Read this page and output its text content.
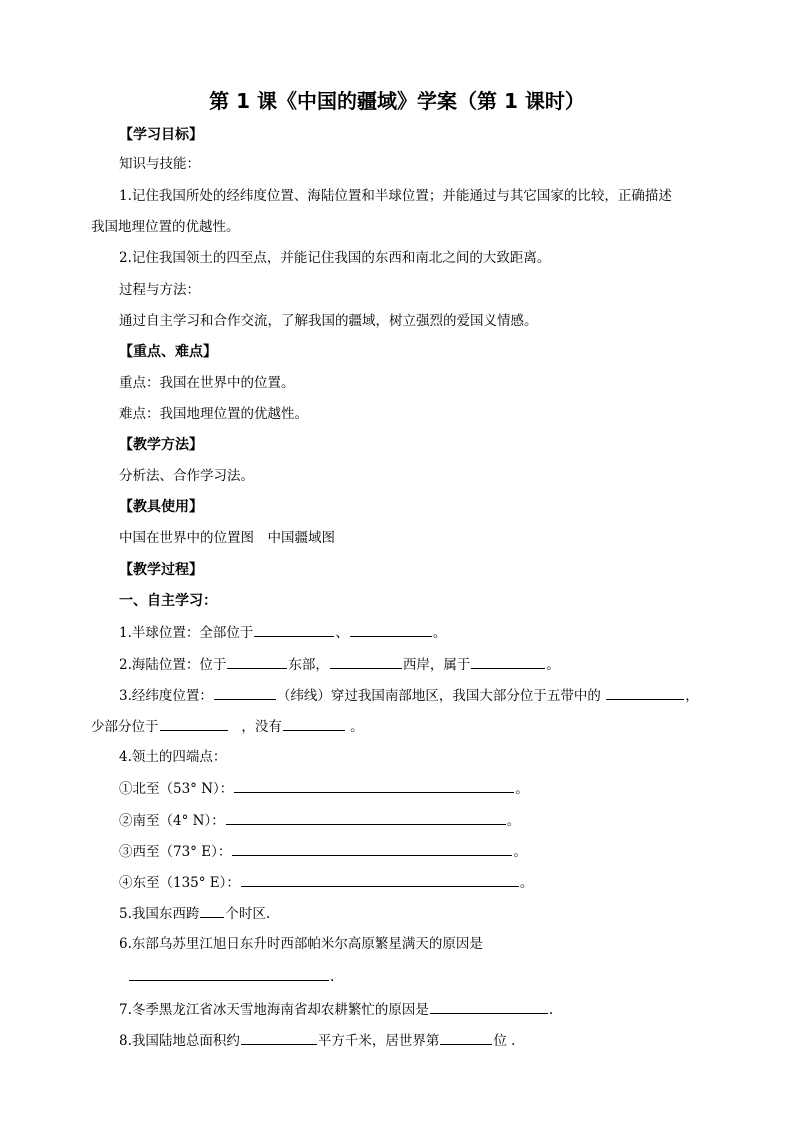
第 1 课《中国的疆域》学案（第 1 课时）
【学习目标】
知识与技能：
1.记住我国所处的经纬度位置、海陆位置和半球位置；并能通过与其它国家的比较，正确描述
我国地理位置的优越性。
2.记住我国领土的四至点，并能记住我国的东西和南北之间的大致距离。
过程与方法：
通过自主学习和合作交流，了解我国的疆域，树立强烈的爱国义情感。
【重点、难点】
重点：我国在世界中的位置。
难点：我国地理位置的优越性。
【教学方法】
分析法、合作学习法。
【教具使用】
中国在世界中的位置图　中国疆域图
【教学过程】
一、自主学习：
1.半球位置：全部位于	、	。
2.海陆位置：位于	东部，	西岸，属于	。
3.经纬度位置：	（纬线）穿过我国南部地区，我国大部分位于五带中的	，
少部分位于	，没有	。
4.领土的四端点：
①北至（53° N）：	。
②南至（4° N）：	。
③西至（73° E）：	。
④东至（135° E）：	。
5.我国东西跨 个时区.
6.东部乌苏里江旭日东升时西部帕米尔高原繁星满天的原因是
.
7.冬季黑龙江省冰天雪地海南省却农耕繁忙的原因是	.
8.我国陆地总面积约	平方千米，居世界第	位 .
